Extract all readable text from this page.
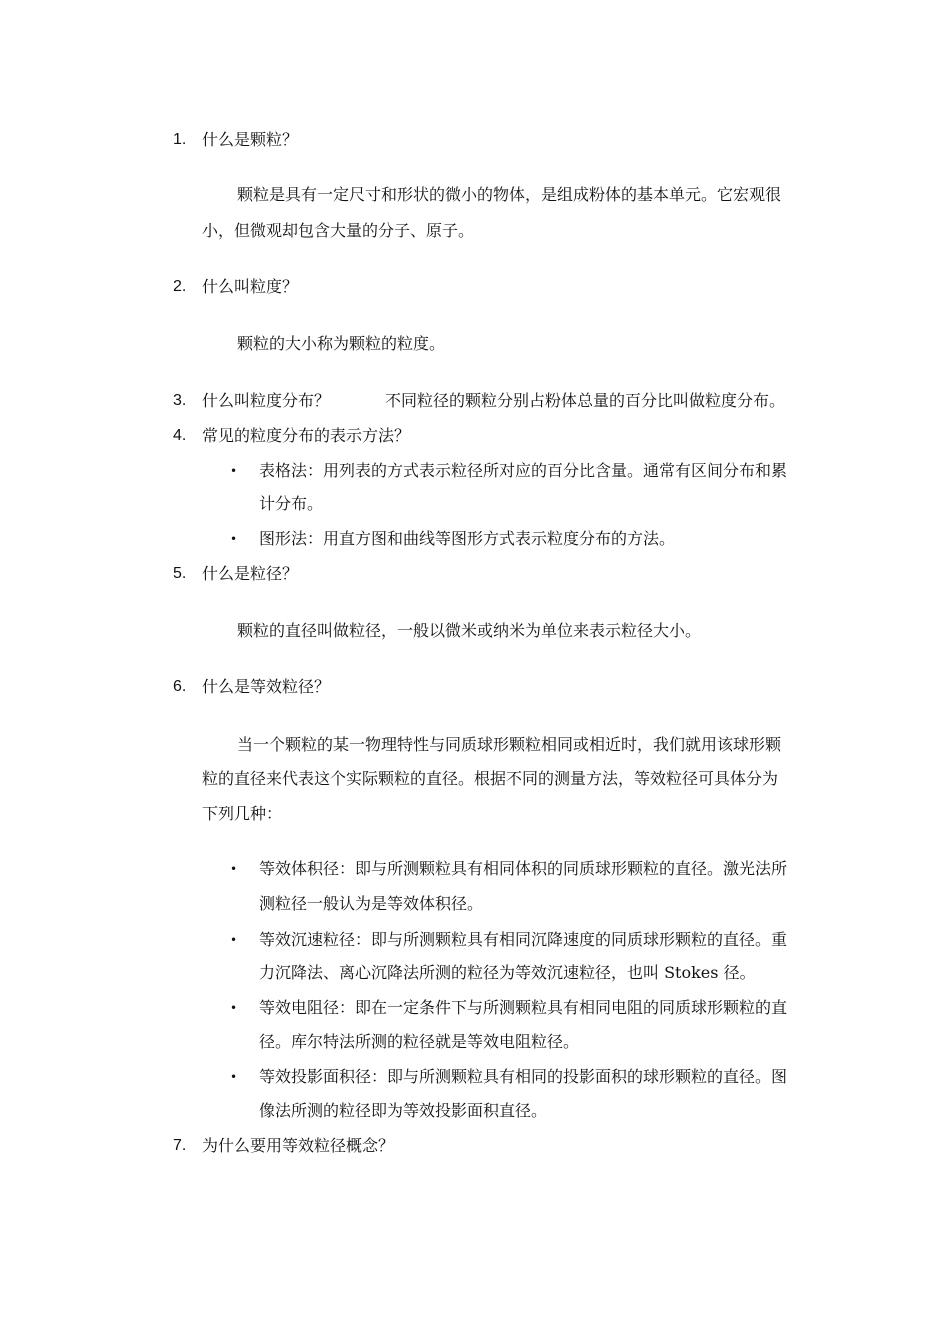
1. 什么是颗粒？
颗粒是具有一定尺寸和形状的微小的物体，是组成粉体的基本单元。它宏观很
小，但微观却包含大量的分子、原子。
2. 什么叫粒度？
颗粒的大小称为颗粒的粒度。
3. 什么叫粒度分布？	不同粒径的颗粒分别占粉体总量的百分比叫做粒度分布。
4. 常见的粒度分布的表示方法？
• 表格法：用列表的方式表示粒径所对应的百分比含量。通常有区间分布和累
计分布。
• 图形法：用直方图和曲线等图形方式表示粒度分布的方法。
5. 什么是粒径？
颗粒的直径叫做粒径，一般以微米或纳米为单位来表示粒径大小。
6. 什么是等效粒径？
当一个颗粒的某一物理特性与同质球形颗粒相同或相近时，我们就用该球形颗
粒的直径来代表这个实际颗粒的直径。根据不同的测量方法，等效粒径可具体分为
下列几种：
• 等效体积径：即与所测颗粒具有相同体积的同质球形颗粒的直径。激光法所
测粒径一般认为是等效体积径。
• 等效沉速粒径：即与所测颗粒具有相同沉降速度的同质球形颗粒的直径。重
力沉降法、离心沉降法所测的粒径为等效沉速粒径，也叫 Stokes 径。
• 等效电阻径：即在一定条件下与所测颗粒具有相同电阻的同质球形颗粒的直
径。库尔特法所测的粒径就是等效电阻粒径。
• 等效投影面积径：即与所测颗粒具有相同的投影面积的球形颗粒的直径。图
像法所测的粒径即为等效投影面积直径。
7. 为什么要用等效粒径概念？
